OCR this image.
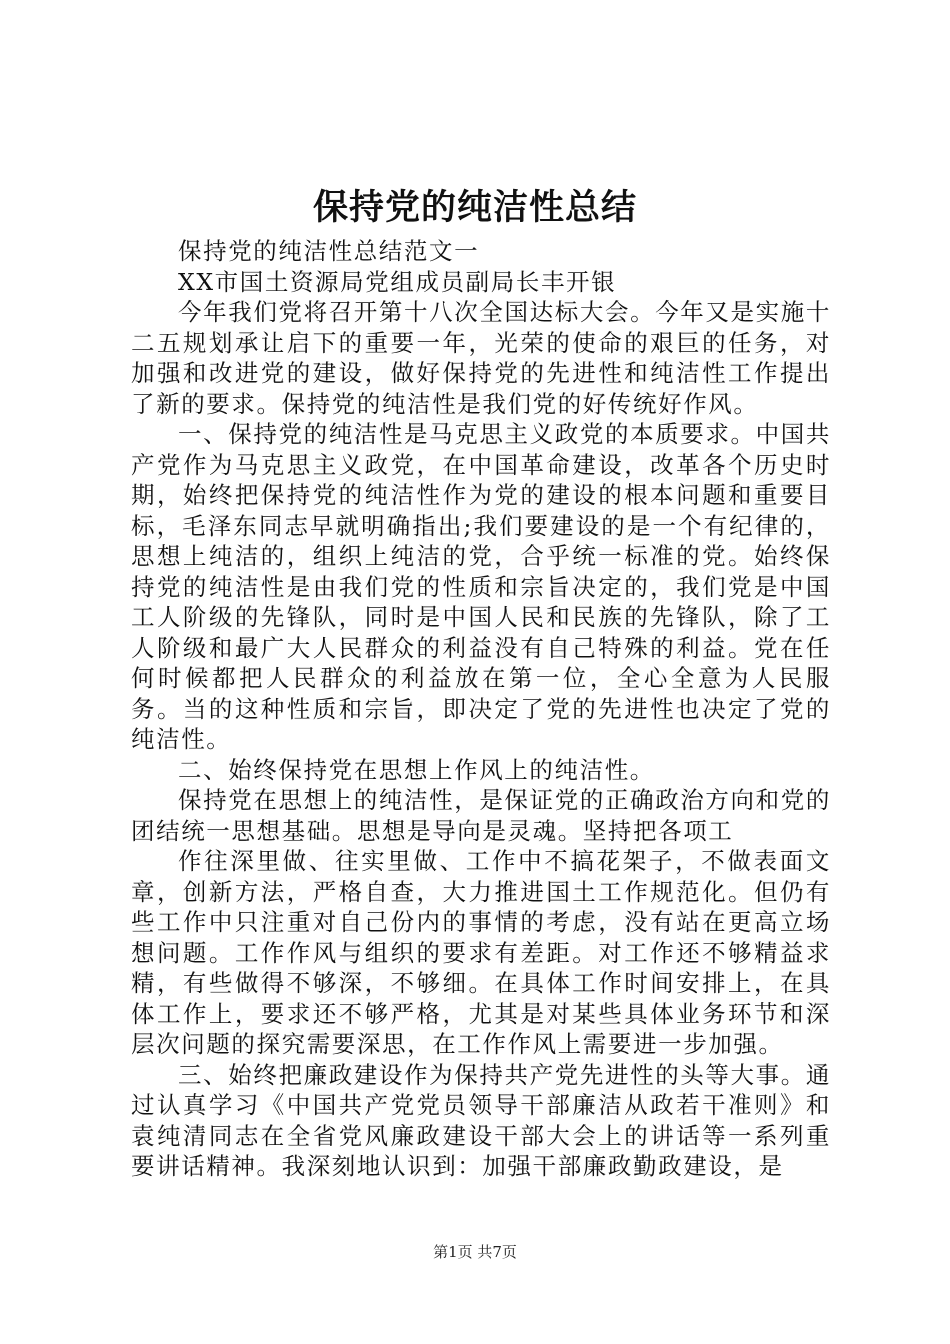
保持党的纯洁性总结

保持党的纯洁性总结范文一

XX市国土资源局党组成员副局长丰开银

今年我们党将召开第十八次全国达标大会。今年又是实施十二五规划承让启下的重要一年，光荣的使命的艰巨的任务，对加强和改进党的建设，做好保持党的先进性和纯洁性工作提出了新的要求。保持党的纯洁性是我们党的好传统好作风。

一、保持党的纯洁性是马克思主义政党的本质要求。中国共产党作为马克思主义政党，在中国革命建设，改革各个历史时期，始终把保持党的纯洁性作为党的建设的根本问题和重要目标，毛泽东同志早就明确指出;我们要建设的是一个有纪律的，思想上纯洁的，组织上纯洁的党，合乎统一标准的党。始终保持党的纯洁性是由我们党的性质和宗旨决定的，我们党是中国工人阶级的先锋队，同时是中国人民和民族的先锋队，除了工人阶级和最广大人民群众的利益没有自己特殊的利益。党在任何时候都把人民群众的利益放在第一位，全心全意为人民服务。当的这种性质和宗旨，即决定了党的先进性也决定了党的纯洁性。

二、始终保持党在思想上作风上的纯洁性。

保持党在思想上的纯洁性，是保证党的正确政治方向和党的团结统一思想基础。思想是导向是灵魂。坚持把各项工

作往深里做、往实里做、工作中不搞花架子，不做表面文章，创新方法，严格自查，大力推进国土工作规范化。但仍有些工作中只注重对自己份内的事情的考虑，没有站在更高立场想问题。工作作风与组织的要求有差距。对工作还不够精益求精，有些做得不够深，不够细。在具体工作时间安排上，在具体工作上，要求还不够严格，尤其是对某些具体业务环节和深层次问题的探究需要深思，在工作作风上需要进一步加强。

三、始终把廉政建设作为保持共产党先进性的头等大事。通过认真学习《中国共产党党员领导干部廉洁从政若干准则》和袁纯清同志在全省党风廉政建设干部大会上的讲话等一系列重要讲话精神。我深刻地认识到：加强干部廉政勤政建设，是

第1页 共7页
